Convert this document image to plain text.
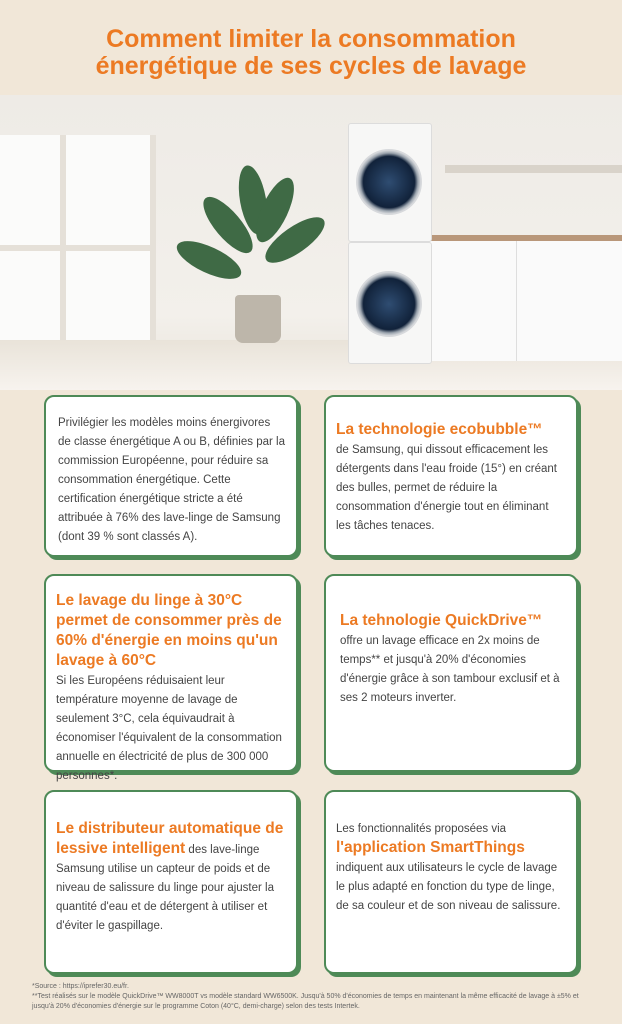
Comment limiter la consommation
énergétique de ses cycles de lavage

Privilégier les modèles moins énergivores de classe énergétique A ou B, définies par la commission Européenne, pour réduire sa consommation énergétique. Cette certification énergétique stricte a été attribuée à 76% des lave-linge de Samsung (dont 39 % sont classés A).

La technologie ecobubble™
de Samsung, qui dissout efficacement les détergents dans l'eau froide (15°) en créant des bulles, permet de réduire la consommation d'énergie tout en éliminant les tâches tenaces.

Le lavage du linge à 30°C permet de consommer près de 60% d'énergie en moins qu'un lavage à 60°C
Si les Européens réduisaient leur température moyenne de lavage de seulement 3°C, cela équivaudrait à économiser l'équivalent de la consommation annuelle en électricité de plus de 300 000 personnes*.

La tehnologie QuickDrive™
offre un lavage efficace en 2x moins de temps** et jusqu'à 20% d'économies d'énergie grâce à son tambour exclusif et à ses 2 moteurs inverter.

Le distributeur automatique de lessive intelligent des lave-linge Samsung utilise un capteur de poids et de niveau de salissure du linge pour ajuster la quantité d'eau et de détergent à utiliser et d'éviter le gaspillage.

Les fonctionnalités proposées via
l'application SmartThings
indiquent aux utilisateurs le cycle de lavage le plus adapté en fonction du type de linge, de sa couleur et de son niveau de salissure.

*Source : https://iprefer30.eu/fr.
**Test réalisés sur le modèle QuickDrive™ WW8000T vs modèle standard WW6500K. Jusqu'à 50% d'économies de temps en maintenant la même efficacité de lavage à ±5% et jusqu'à 20% d'économies d'énergie sur le programme Coton (40°C, demi-charge) selon des tests Intertek.
